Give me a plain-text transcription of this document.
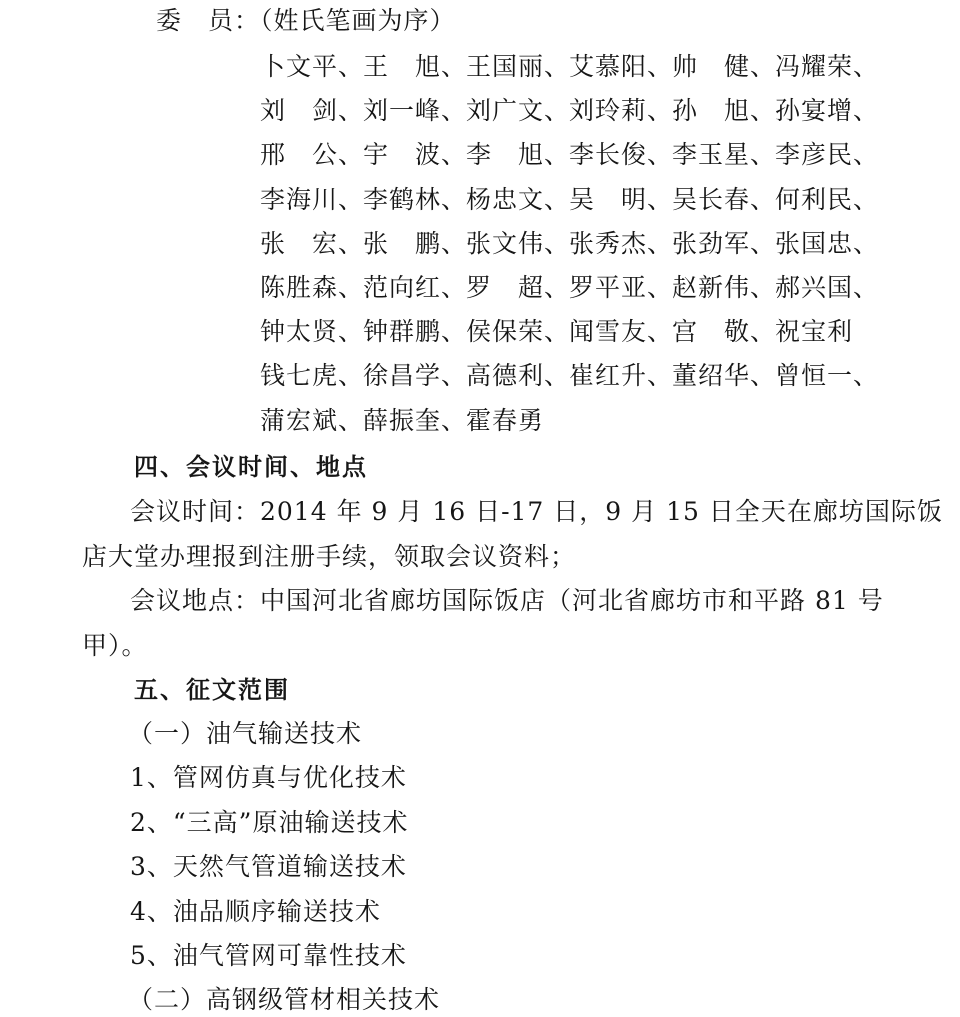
委　员：（姓氏笔画为序）
卜文平、
王　旭、
王国丽、
艾慕阳、
帅　健、
冯耀荣、
刘　剑、
刘一峰、
刘广文、
刘玲莉、
孙　旭、
孙宴增、
邢　公、
宇　波、
李　旭、
李长俊、
李玉星、
李彦民、
李海川、
李鹤林、
杨忠文、
吴　明、
吴长春、
何利民、
张　宏、
张　鹏、
张文伟、
张秀杰、
张劲军、
张国忠、
陈胜森、
范向红、
罗　超、
罗平亚、
赵新伟、
郝兴国、
钟太贤、
钟群鹏、
侯保荣、
闻雪友、
宫　敬、
祝宝利
钱七虎、
徐昌学、
高德利、
崔红升、
董绍华、
曾恒一、
蒲宏斌、
薛振奎、
霍春勇
四、会议时间、地点
会议时间：2014 年 9 月 16 日-17 日，9 月 15 日全天在廊坊国际饭
店大堂办理报到注册手续，领取会议资料；
会议地点：中国河北省廊坊国际饭店（河北省廊坊市和平路 81 号
甲）。
五、征文范围
（一）油气输送技术
1、管网仿真与优化技术
2、“三高”原油输送技术
3、天然气管道输送技术
4、油品顺序输送技术
5、油气管网可靠性技术
（二）高钢级管材相关技术
